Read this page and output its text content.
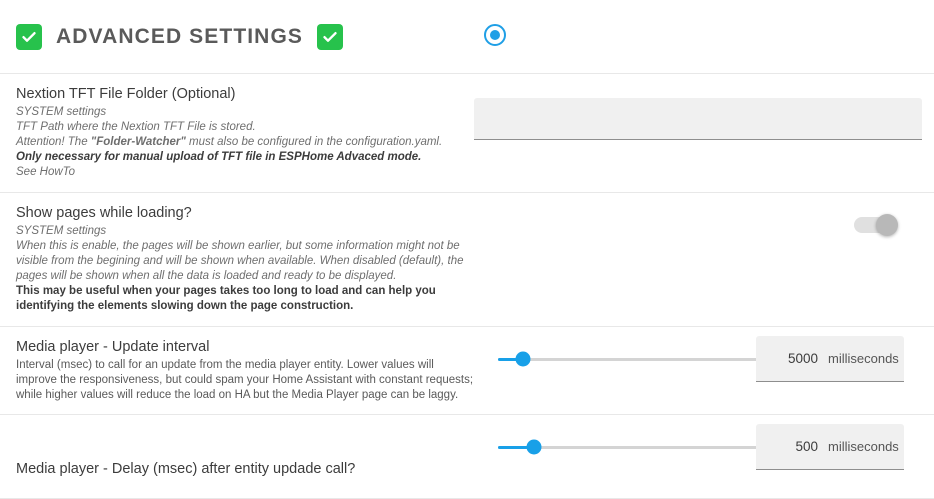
ADVANCED SETTINGS
Nextion TFT File Folder (Optional)
SYSTEM settings
TFT Path where the Nextion TFT File is stored.
Attention! The "Folder-Watcher" must also be configured in the configuration.yaml.
Only necessary for manual upload of TFT file in ESPHome Advaced mode.
See HowTo
Show pages while loading?
SYSTEM settings
When this is enable, the pages will be shown earlier, but some information might not be visible from the begining and will be shown when available. When disabled (default), the pages will be shown when all the data is loaded and ready to be displayed.
This may be useful when your pages takes too long to load and can help you identifying the elements slowing down the page construction.
Media player - Update interval
Interval (msec) to call for an update from the media player entity. Lower values will improve the responsiveness, but could spam your Home Assistant with constant requests; while higher values will reduce the load on HA but the Media Player page can be laggy.
5000 milliseconds
Media player - Delay (msec) after entity updade call?
500 milliseconds
